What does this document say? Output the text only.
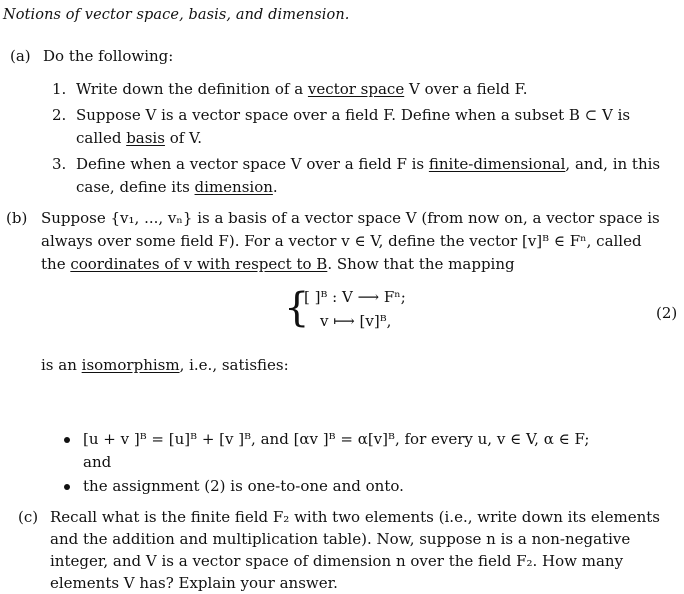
Notions of vector space, basis, and dimension.
(a) Do the following:
1. Write down the definition of a vector space V over a field F.
2. Suppose V is a vector space over a field F. Define when a subset B ⊂ V is
called basis of V.
3. Define when a vector space V over a field F is finite-dimensional, and, in this
case, define its dimension.
(b) Suppose {v₁, ..., vₙ} is a basis of a vector space V (from now on, a vector space is
always over some field F). For a vector v ∈ V, define the vector [v]ᴮ ∈ Fⁿ, called
the coordinates of v with respect to B. Show that the mapping
{
[ ]ᴮ : V ⟶ Fⁿ;
v ⟼ [v]ᴮ,	(2)
is an isomorphism, i.e., satisfies:
[u + v ]ᴮ = [u]ᴮ + [v ]ᴮ, and [αv ]ᴮ = α[v]ᴮ, for every u, v ∈ V, α ∈ F;
and
the assignment (2) is one-to-one and onto.
(c) Recall what is the finite field F₂ with two elements (i.e., write down its elements
and the addition and multiplication table). Now, suppose n is a non-negative
integer, and V is a vector space of dimension n over the field F₂. How many
elements V has? Explain your answer.
